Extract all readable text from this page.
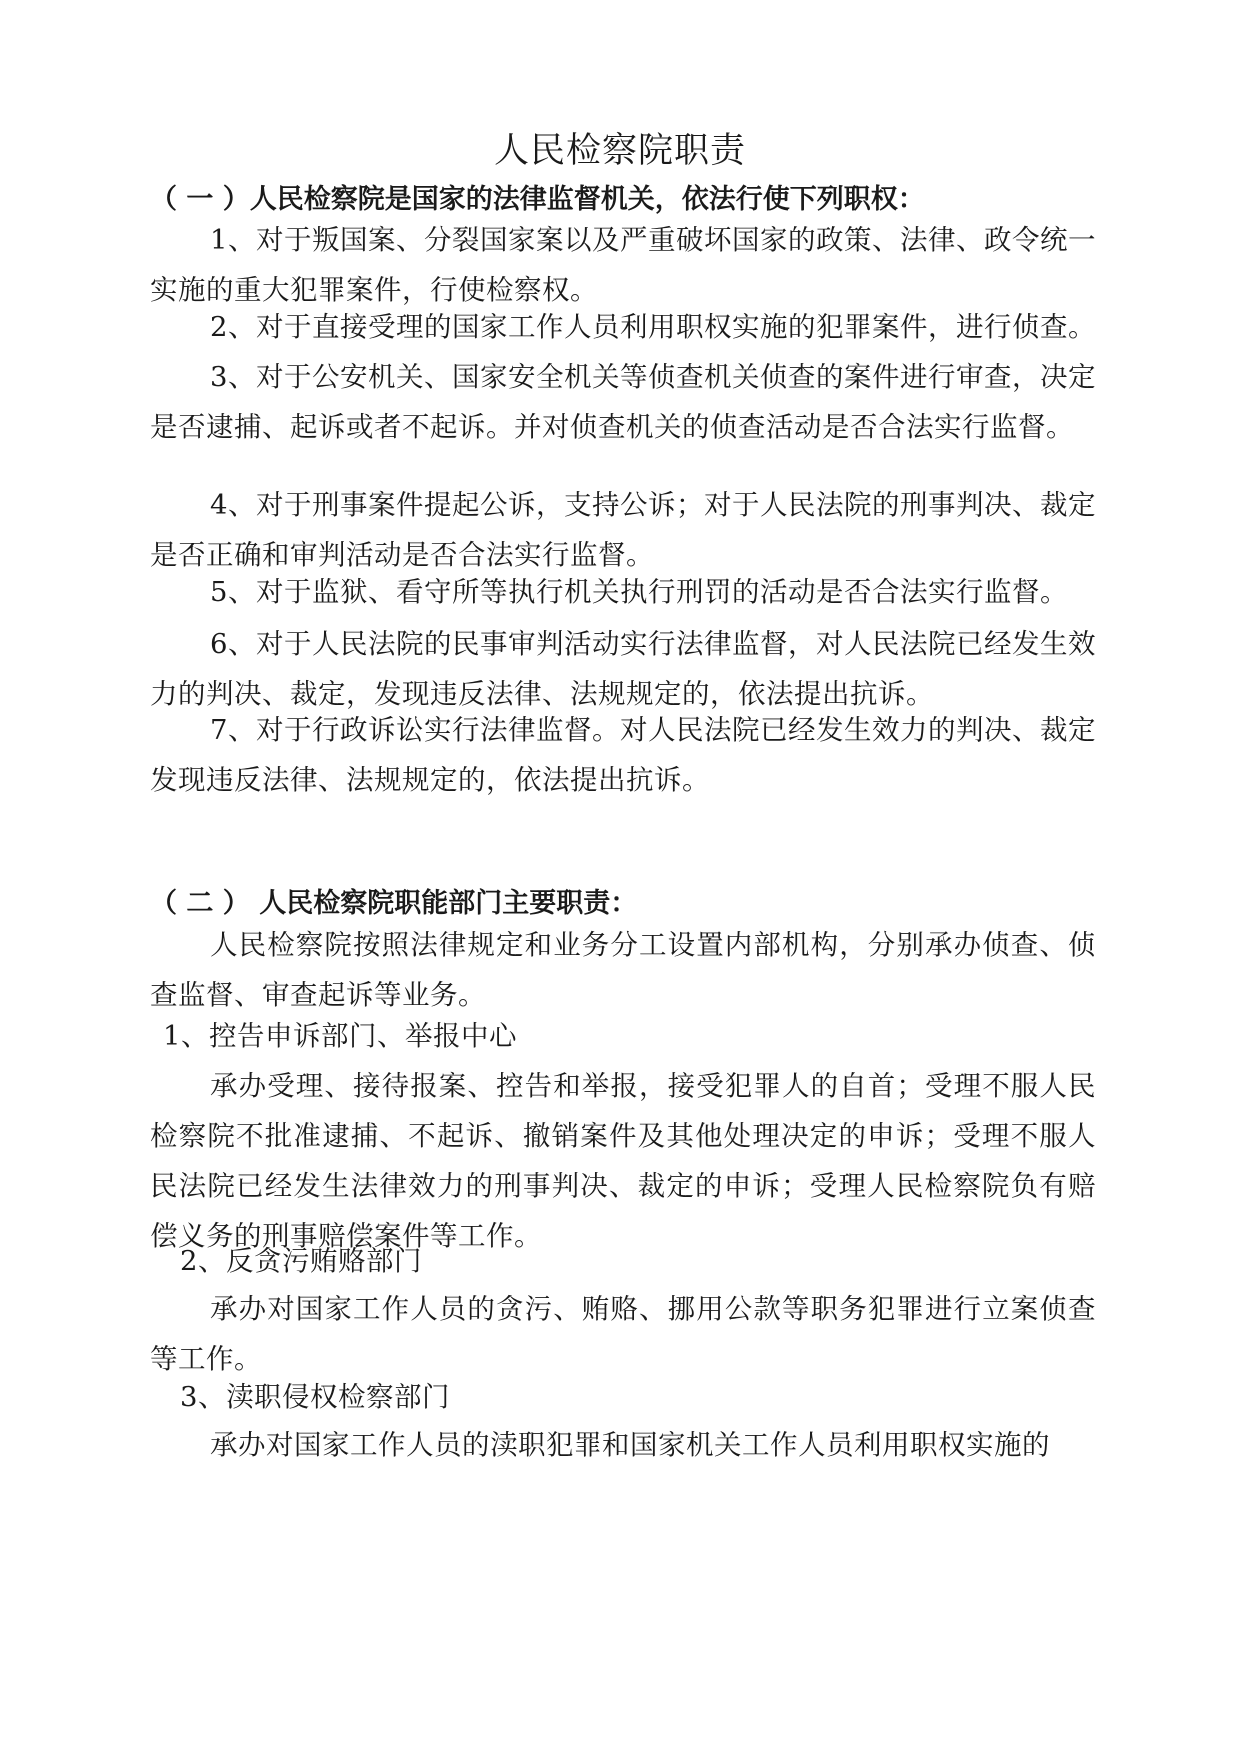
人民检察院职责
（ 一 ）人民检察院是国家的法律监督机关，依法行使下列职权：
1、对于叛国案、分裂国家案以及严重破坏国家的政策、法律、政令统一实施的重大犯罪案件，行使检察权。
2、对于直接受理的国家工作人员利用职权实施的犯罪案件，进行侦查。
3、对于公安机关、国家安全机关等侦查机关侦查的案件进行审查，决定是否逮捕、起诉或者不起诉。并对侦查机关的侦查活动是否合法实行监督。
4、对于刑事案件提起公诉，支持公诉；对于人民法院的刑事判决、裁定是否正确和审判活动是否合法实行监督。
5、对于监狱、看守所等执行机关执行刑罚的活动是否合法实行监督。
6、对于人民法院的民事审判活动实行法律监督，对人民法院已经发生效力的判决、裁定，发现违反法律、法规规定的，依法提出抗诉。
7、对于行政诉讼实行法律监督。对人民法院已经发生效力的判决、裁定发现违反法律、法规规定的，依法提出抗诉。
（ 二 ） 人民检察院职能部门主要职责：
人民检察院按照法律规定和业务分工设置内部机构，分别承办侦查、侦查监督、审查起诉等业务。
1、控告申诉部门、举报中心
承办受理、接待报案、控告和举报，接受犯罪人的自首；受理不服人民检察院不批准逮捕、不起诉、撤销案件及其他处理决定的申诉；受理不服人民法院已经发生法律效力的刑事判决、裁定的申诉；受理人民检察院负有赔偿义务的刑事赔偿案件等工作。
2、反贪污贿赂部门
承办对国家工作人员的贪污、贿赂、挪用公款等职务犯罪进行立案侦查等工作。
3、渎职侵权检察部门
承办对国家工作人员的渎职犯罪和国家机关工作人员利用职权实施的
